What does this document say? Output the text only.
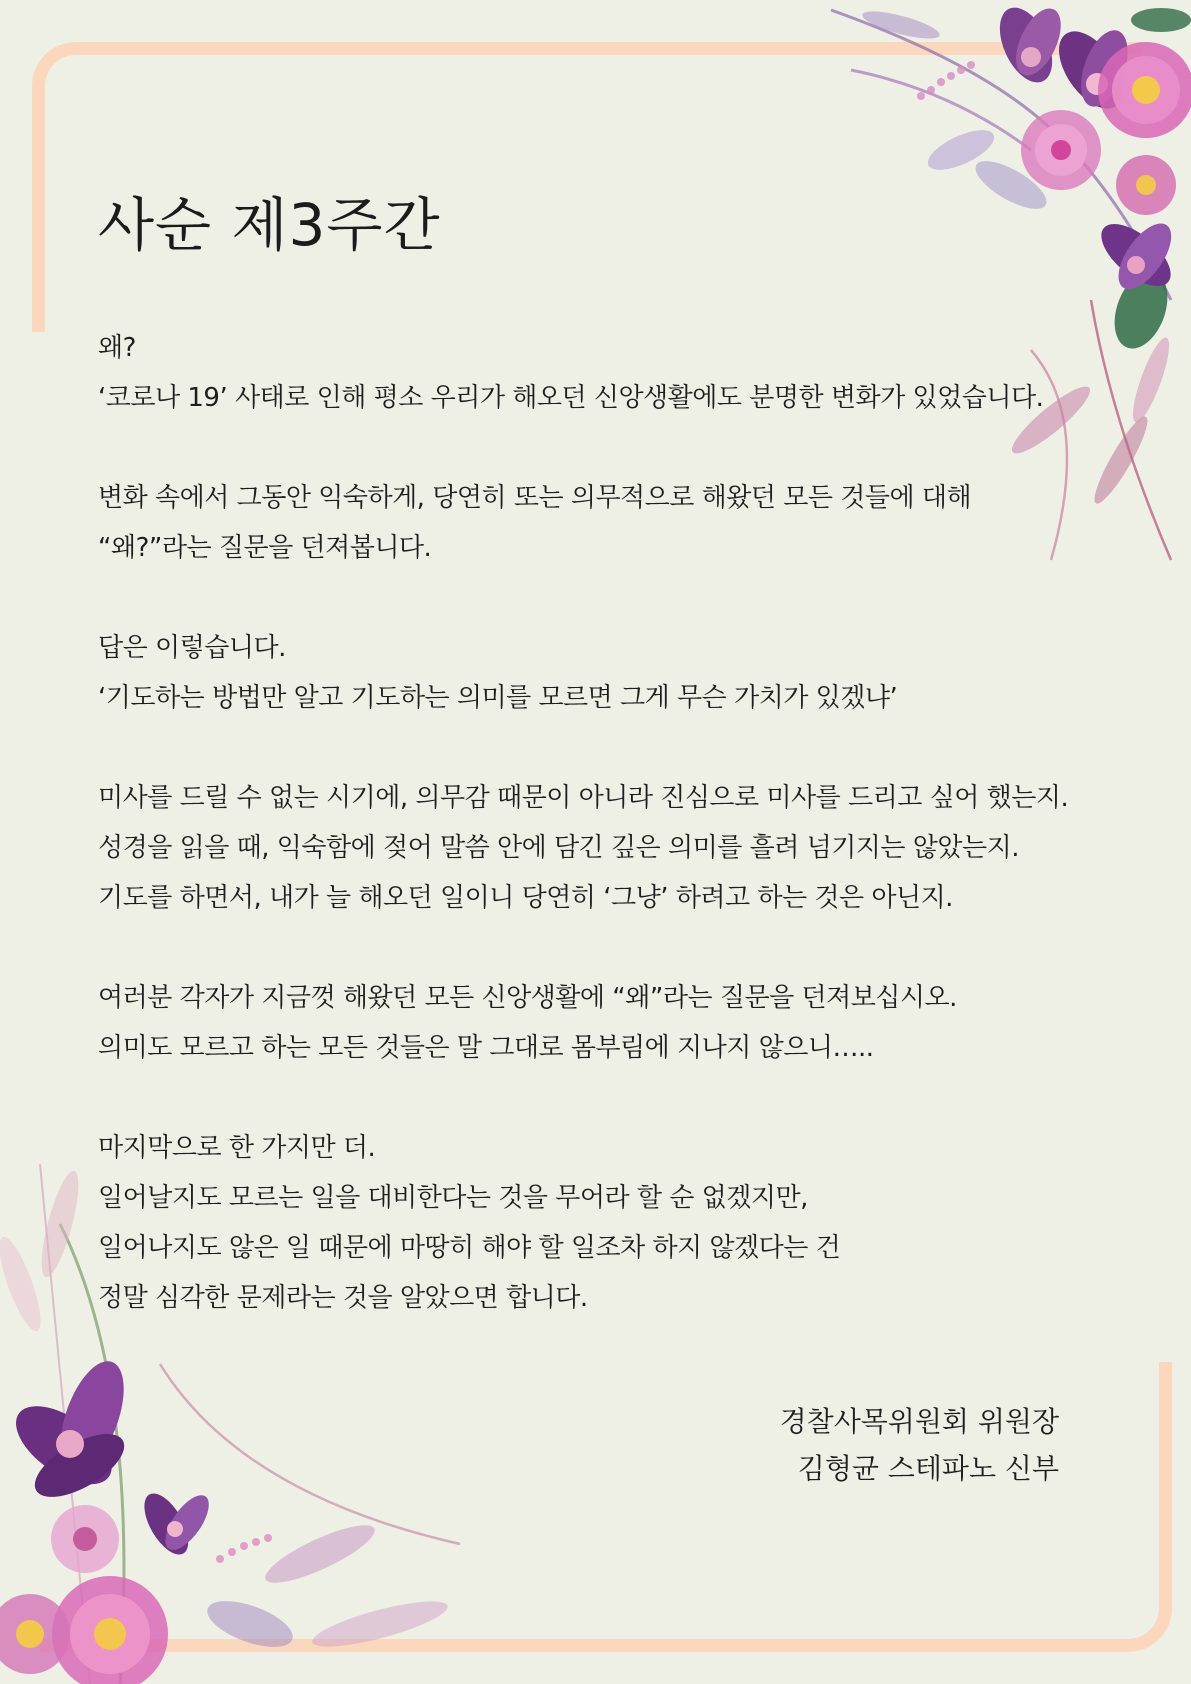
사순 제3주간
왜?
‘코로나 19’ 사태로 인해 평소 우리가 해오던 신앙생활에도 분명한 변화가 있었습니다.
변화 속에서 그동안 익숙하게, 당연히 또는 의무적으로 해왔던 모든 것들에 대해
“왜?”라는 질문을 던져봅니다.
답은 이렇습니다.
‘기도하는 방법만 알고 기도하는 의미를 모르면 그게 무슨 가치가 있겠냐’
미사를 드릴 수 없는 시기에, 의무감 때문이 아니라 진심으로 미사를 드리고 싶어 했는지.
성경을 읽을 때, 익숙함에 젖어 말씀 안에 담긴 깊은 의미를 흘려 넘기지는 않았는지.
기도를 하면서, 내가 늘 해오던 일이니 당연히 ‘그냥’ 하려고 하는 것은 아닌지.
여러분 각자가 지금껏 해왔던 모든 신앙생활에 “왜”라는 질문을 던져보십시오.
의미도 모르고 하는 모든 것들은 말 그대로 몸부림에 지나지 않으니…..
마지막으로 한 가지만 더.
일어날지도 모르는 일을 대비한다는 것을 무어라 할 순 없겠지만,
일어나지도 않은 일 때문에 마땅히 해야 할 일조차 하지 않겠다는 건
정말 심각한 문제라는 것을 알았으면 합니다.
경찰사목위원회 위원장
김형균 스테파노 신부
